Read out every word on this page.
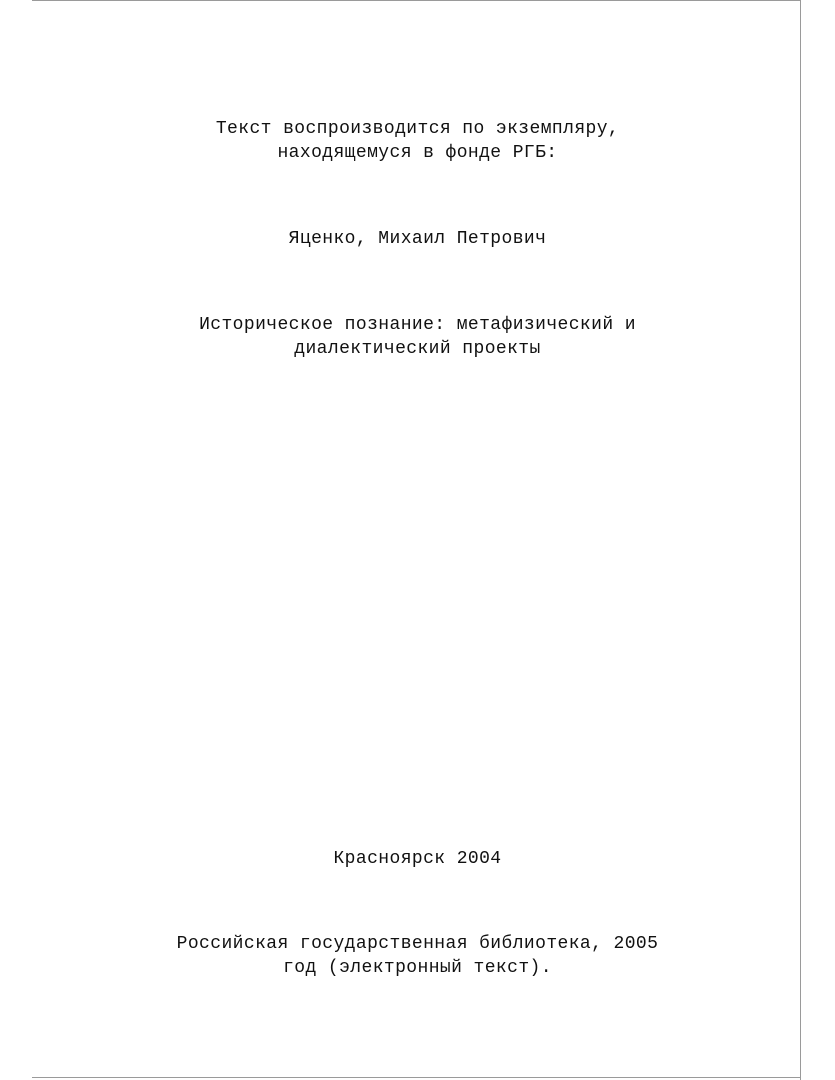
Текст воспроизводится по экземпляру,
находящемуся в фонде РГБ:
Яценко, Михаил Петрович
Историческое познание: метафизический и
диалектический проекты
Красноярск 2004
Российская государственная библиотека, 2005
год (электронный текст).
